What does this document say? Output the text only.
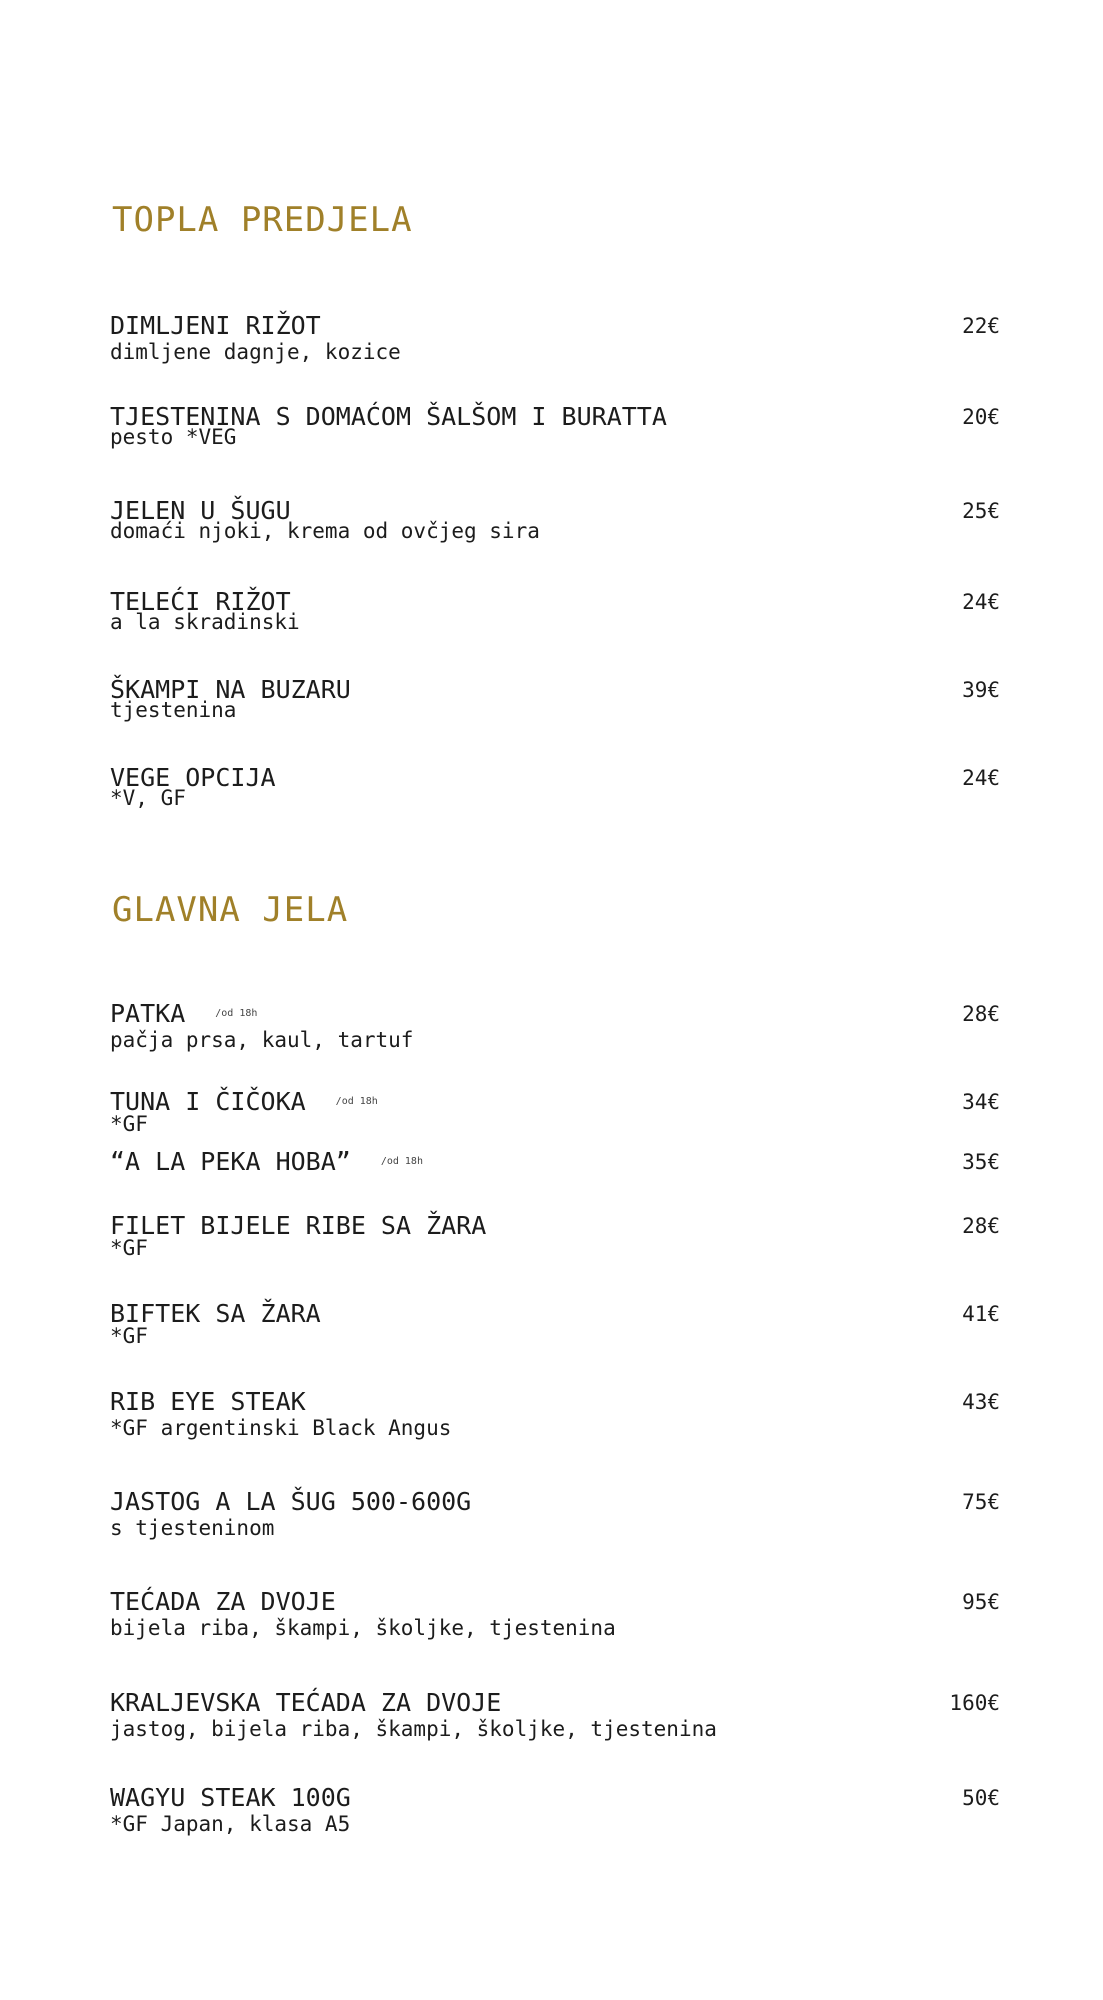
TOPLA PREDJELA
DIMLJENI RIŽOT
dimljene dagnje, kozice
22€
TJESTENINA S DOMAĆOM ŠALŠOM I BURATTA
pesto *VEG
20€
JELEN U ŠUGU
domaći njoki, krema od ovčjeg sira
25€
TELEĆI RIŽOT
a la skradinski
24€
ŠKAMPI NA BUZARU
tjestenina
39€
VEGE OPCIJA
*V, GF
24€
GLAVNA JELA
PATKA	$^{/od 18h}$
pačja prsa, kaul, tartuf
28€
TUNA I ČIČOKA	$^{/od 18h}$
*GF
34€
“A LA PEKA HOBA”	$^{/od 18h}$	35€
FILET BIJELE RIBE SA ŽARA
*GF
28€
BIFTEK SA ŽARA
*GF
41€
RIB EYE STEAK
*GF argentinski Black Angus
43€
JASTOG A LA ŠUG 500-600G
s tjesteninom
75€
TEĆADA ZA DVOJE
bijela riba, škampi, školjke, tjestenina
95€
KRALJEVSKA TEĆADA ZA DVOJE
jastog, bijela riba, škampi, školjke, tjestenina
160€
WAGYU STEAK 100G
*GF Japan, klasa A5
50€
